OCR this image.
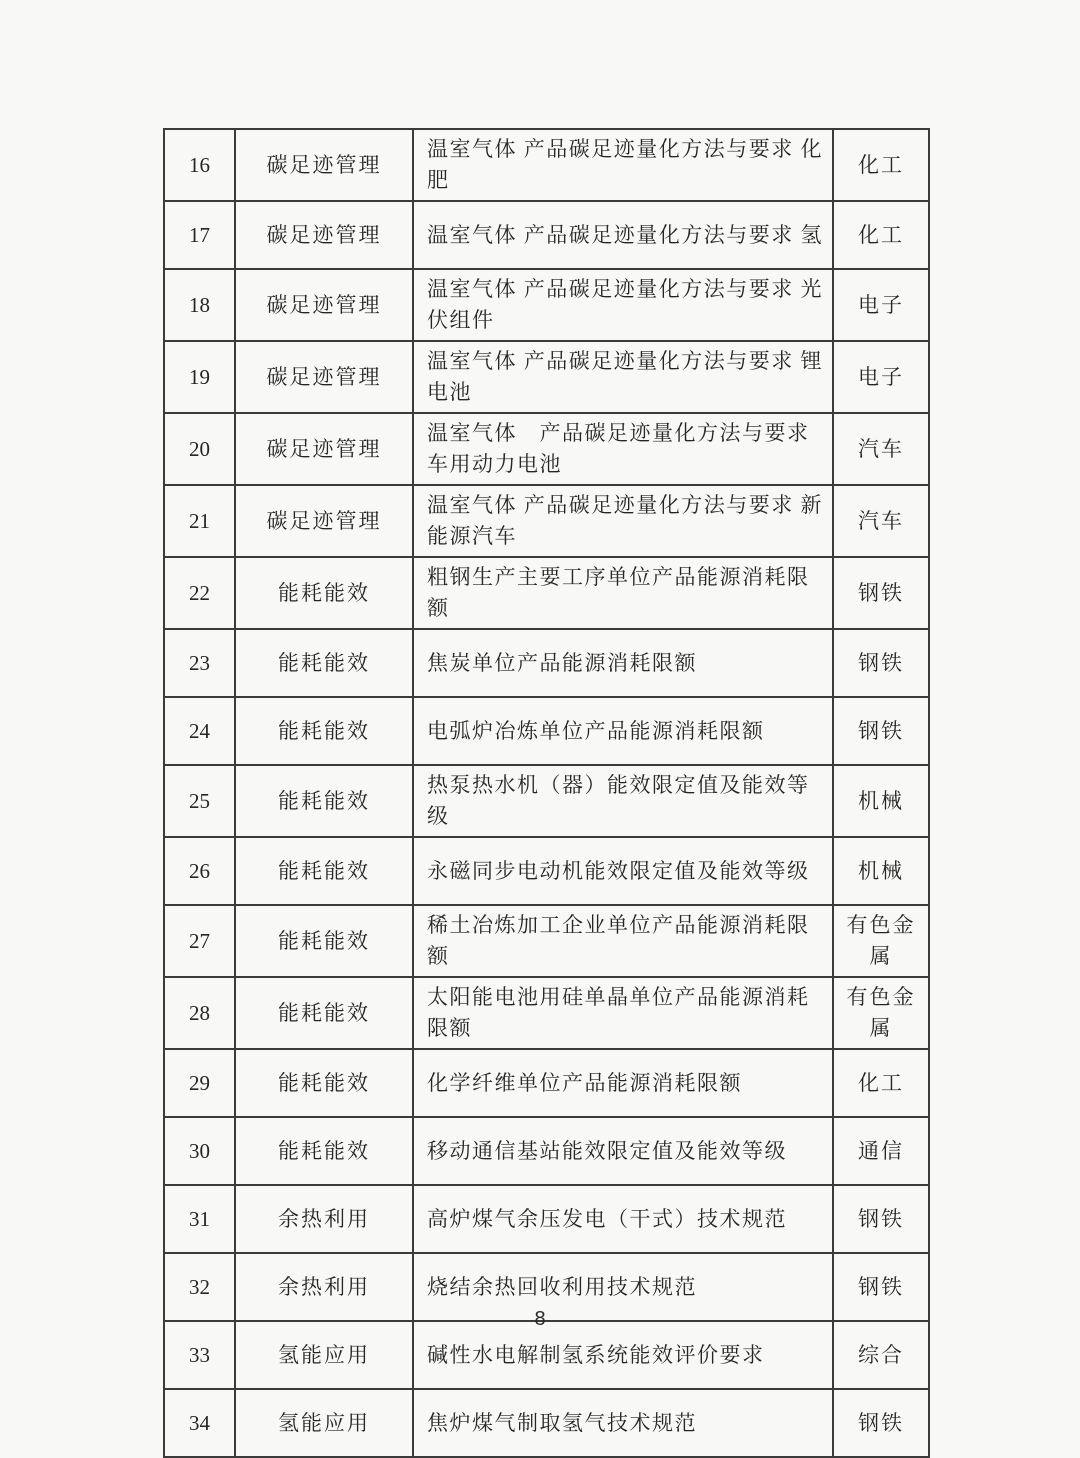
16	碳足迹管理	温室气体 产品碳足迹量化方法与要求 化肥	化工
17	碳足迹管理	温室气体 产品碳足迹量化方法与要求 氢	化工
18	碳足迹管理	温室气体 产品碳足迹量化方法与要求 光伏组件	电子
19	碳足迹管理	温室气体 产品碳足迹量化方法与要求 锂电池	电子
20	碳足迹管理	温室气体　产品碳足迹量化方法与要求　车用动力电池	汽车
21	碳足迹管理	温室气体 产品碳足迹量化方法与要求 新能源汽车	汽车
22	能耗能效	粗钢生产主要工序单位产品能源消耗限额	钢铁
23	能耗能效	焦炭单位产品能源消耗限额	钢铁
24	能耗能效	电弧炉冶炼单位产品能源消耗限额	钢铁
25	能耗能效	热泵热水机（器）能效限定值及能效等级	机械
26	能耗能效	永磁同步电动机能效限定值及能效等级	机械
27	能耗能效	稀土冶炼加工企业单位产品能源消耗限额	有色金属
28	能耗能效	太阳能电池用硅单晶单位产品能源消耗限额	有色金属
29	能耗能效	化学纤维单位产品能源消耗限额	化工
30	能耗能效	移动通信基站能效限定值及能效等级	通信
31	余热利用	高炉煤气余压发电（干式）技术规范	钢铁
32	余热利用	烧结余热回收利用技术规范	钢铁
33	氢能应用	碱性水电解制氢系统能效评价要求	综合
34	氢能应用	焦炉煤气制取氢气技术规范	钢铁
8
